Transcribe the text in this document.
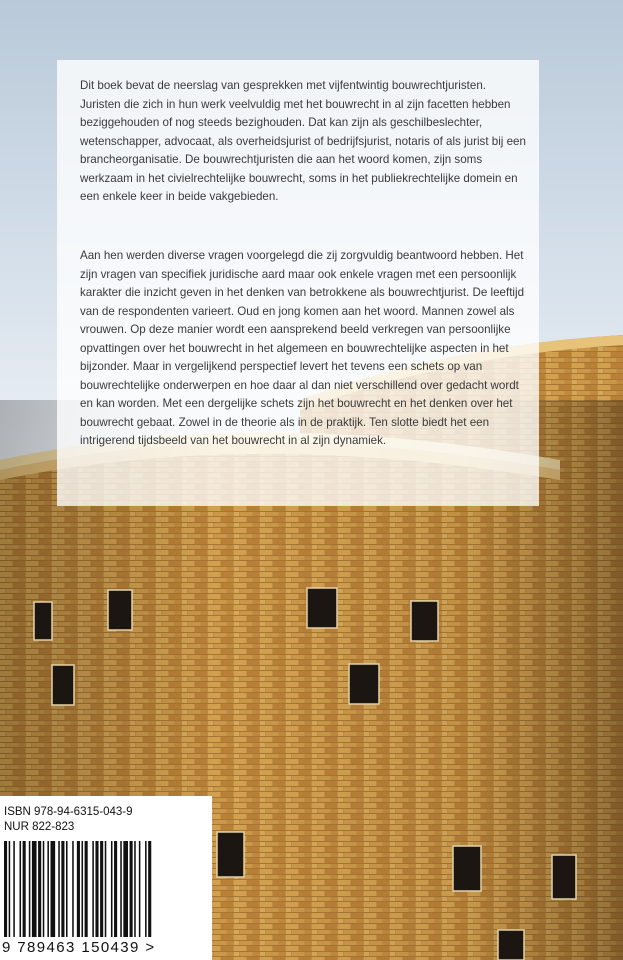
Dit boek bevat de neerslag van gesprekken met vijfentwintig bouwrechtjuristen. Juristen die zich in hun werk veelvuldig met het bouwrecht in al zijn facetten hebben beziggehouden of nog steeds bezighouden. Dat kan zijn als geschilbeslechter, wetenschapper, advocaat, als overheidsjurist of bedrijfsjurist, notaris of als jurist bij een brancheorganisatie. De bouwrechtjuristen die aan het woord komen, zijn soms werkzaam in het civielrechtelijke bouwrecht, soms in het publiekrechtelijke domein en een enkele keer in beide vakgebieden.

Aan hen werden diverse vragen voorgelegd die zij zorgvuldig beantwoord hebben. Het zijn vragen van specifiek juridische aard maar ook enkele vragen met een persoonlijk karakter die inzicht geven in het denken van betrokkene als bouwrechtjurist. De leeftijd van de respondenten varieert. Oud en jong komen aan het woord. Mannen zowel als vrouwen. Op deze manier wordt een aansprekend beeld verkregen van persoonlijke opvattingen over het bouwrecht in het algemeen en bouwrechtelijke aspecten in het bijzonder. Maar in vergelijkend perspectief levert het tevens een schets op van bouwrechtelijke onderwerpen en hoe daar al dan niet verschillend over gedacht wordt en kan worden. Met een dergelijke schets zijn het bouwrecht en het denken over het bouwrecht gebaat. Zowel in de theorie als in de praktijk. Ten slotte biedt het een intrigerend tijdsbeeld van het bouwrecht in al zijn dynamiek.

ISBN 978-94-6315-043-9
NUR 822-823
9 789463 150439 >
